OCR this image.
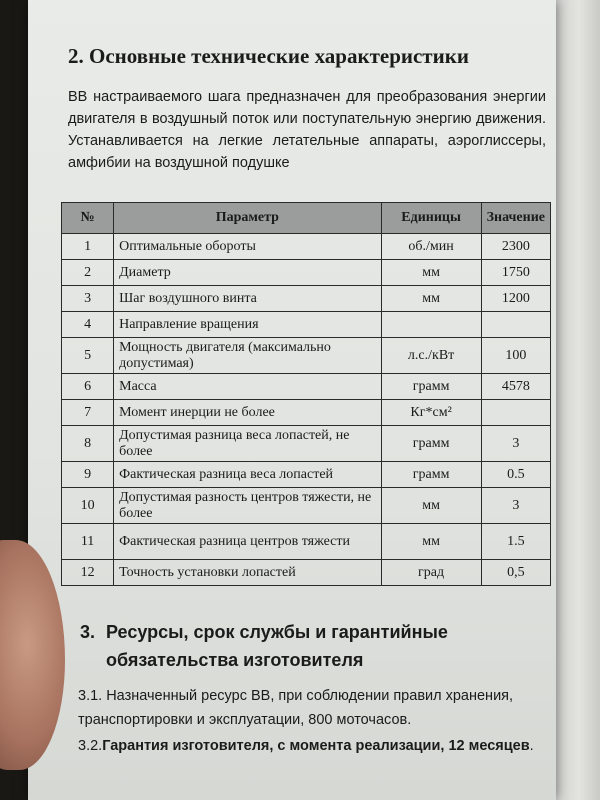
2. Основные технические характеристики

ВВ настраиваемого шага предназначен для преобразования энергии двигателя в воздушный поток или поступательную энергию движения. Устанавливается на легкие летательные аппараты, аэроглиссеры, амфибии на воздушной подушке

№	Параметр	Единицы	Значение
1	Оптимальные обороты	об./мин	2300
2	Диаметр	мм	1750
3	Шаг воздушного винта	мм	1200
4	Направление вращения		
5	Мощность двигателя (максимально допустимая)	л.с./кВт	100
6	Масса	грамм	4578
7	Момент инерции не более	Кг*см²	
8	Допустимая разница веса лопастей, не более	грамм	3
9	Фактическая разница веса лопастей	грамм	0.5
10	Допустимая разность центров тяжести, не более	мм	3
11	Фактическая разница центров тяжести	мм	1.5
12	Точность установки лопастей	град	0,5
3. Ресурсы, срок службы и гарантийные
обязательства изготовителя

3.1. Назначенный ресурс ВВ, при соблюдении правил хранения, транспортировки и эксплуатации, 800 моточасов.

3.2.Гарантия изготовителя, с момента реализации, 12 месяцев.
